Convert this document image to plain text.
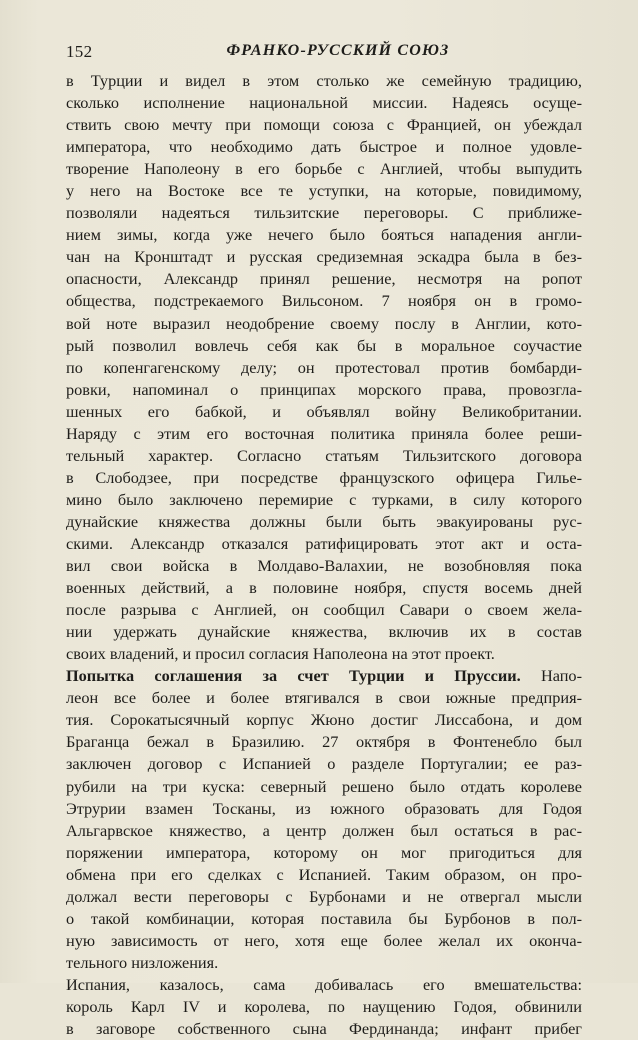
152	ФРАНКО-РУССКИЙ СОЮЗ
в Турции и видел в этом столько же семейную традицию,
сколько исполнение национальной миссии. Надеясь осуще-
ствить свою мечту при помощи союза с Францией, он убеждал
императора, что необходимо дать быстрое и полное удовле-
творение Наполеону в его борьбе с Англией, чтобы выпудить
у него на Востоке все те уступки, на которые, повидимому,
позволяли надеяться тильзитские переговоры. С приближе-
нием зимы, когда уже нечего было бояться нападения англи-
чан на Кронштадт и русская средиземная эскадра была в без-
опасности, Александр принял решение, несмотря на ропот
общества, подстрекаемого Вильсоном. 7 ноября он в громо-
вой ноте выразил неодобрение своему послу в Англии, кото-
рый позволил вовлечь себя как бы в моральное соучастие
по копенгагенскому делу; он протестовал против бомбарди-
ровки, напоминал о принципах морского права, провозгла-
шенных его бабкой, и объявлял войну Великобритании.
Наряду с этим его восточная политика приняла более реши-
тельный характер. Согласно статьям Тильзитского договора
в Слободзее, при посредстве французского офицера Гилье-
мино было заключено перемирие с турками, в силу которого
дунайские княжества должны были быть эвакуированы рус-
скими. Александр отказался ратифицировать этот акт и оста-
вил свои войска в Молдаво-Валахии, не возобновляя пока
военных действий, а в половине ноября, спустя восемь дней
после разрыва с Англией, он сообщил Савари о своем жела-
нии удержать дунайские княжества, включив их в состав
своих владений, и просил согласия Наполеона на этот проект.
Попытка соглашения за счет Турции и Пруссии. Напо-
леон все более и более втягивался в свои южные предприя-
тия. Сорокатысячный корпус Жюно достиг Лиссабона, и дом
Браганца бежал в Бразилию. 27 октября в Фонтенебло был
заключен договор с Испанией о разделе Португалии; ее раз-
рубили на три куска: северный решено было отдать королеве
Этрурии взамен Тосканы, из южного образовать для Годоя
Альгарвское княжество, а центр должен был остаться в рас-
поряжении императора, которому он мог пригодиться для
обмена при его сделках с Испанией. Таким образом, он про-
должал вести переговоры с Бурбонами и не отвергал мысли
о такой комбинации, которая поставила бы Бурбонов в пол-
ную зависимость от него, хотя еще более желал их оконча-
тельного низложения.
Испания, казалось, сама добивалась его вмешательства:
король Карл IV и королева, по наущению Годоя, обвинили
в заговоре собственного сына Фердинанда; инфант прибег
